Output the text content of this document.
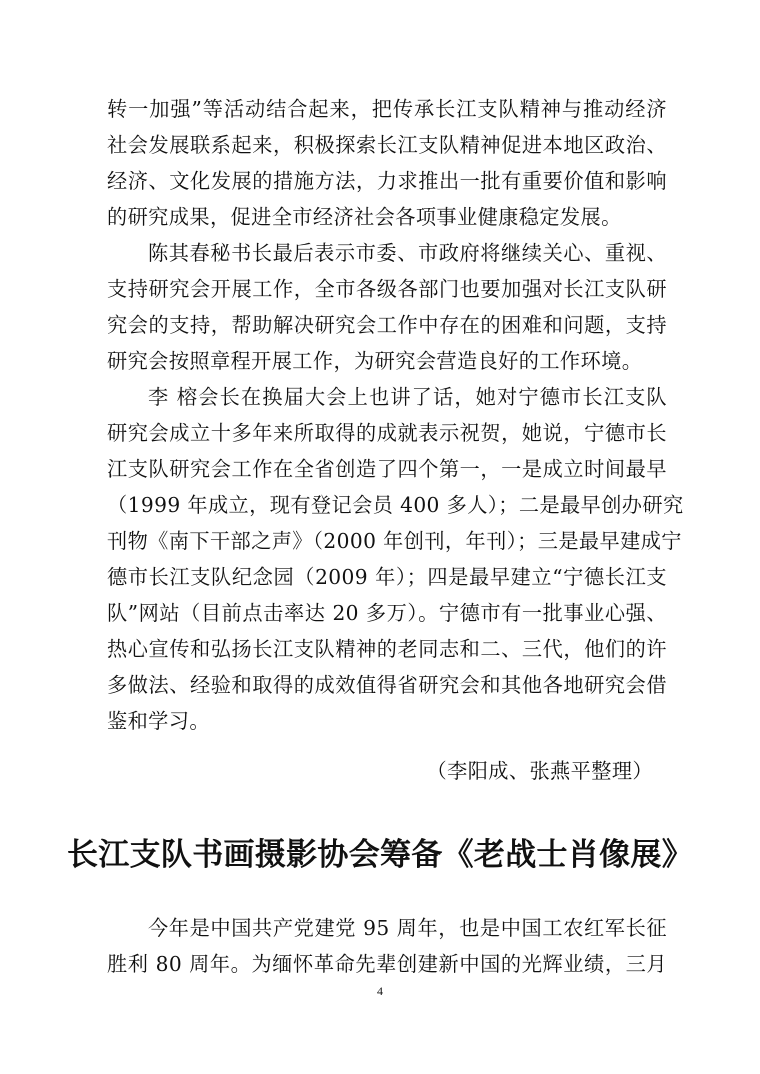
转一加强”等活动结合起来，把传承长江支队精神与推动经济
社会发展联系起来，积极探索长江支队精神促进本地区政治、
经济、文化发展的措施方法，力求推出一批有重要价值和影响
的研究成果，促进全市经济社会各项事业健康稳定发展。
陈其春秘书长最后表示市委、市政府将继续关心、重视、
支持研究会开展工作，全市各级各部门也要加强对长江支队研
究会的支持，帮助解决研究会工作中存在的困难和问题，支持
研究会按照章程开展工作，为研究会营造良好的工作环境。
李 榕会长在换届大会上也讲了话，她对宁德市长江支队
研究会成立十多年来所取得的成就表示祝贺，她说，宁德市长
江支队研究会工作在全省创造了四个第一，一是成立时间最早
（1999 年成立，现有登记会员 400 多人）；二是最早创办研究
刊物《南下干部之声》（2000 年创刊，年刊）；三是最早建成宁
德市长江支队纪念园（2009 年）；四是最早建立“宁德长江支
队”网站（目前点击率达 20 多万）。宁德市有一批事业心强、
热心宣传和弘扬长江支队精神的老同志和二、三代，他们的许
多做法、经验和取得的成效值得省研究会和其他各地研究会借
鉴和学习。
（李阳成、张燕平整理）
长江支队书画摄影协会筹备《老战士肖像展》
今年是中国共产党建党 95 周年，也是中国工农红军长征
胜利 80 周年。为缅怀革命先辈创建新中国的光辉业绩，三月
4
